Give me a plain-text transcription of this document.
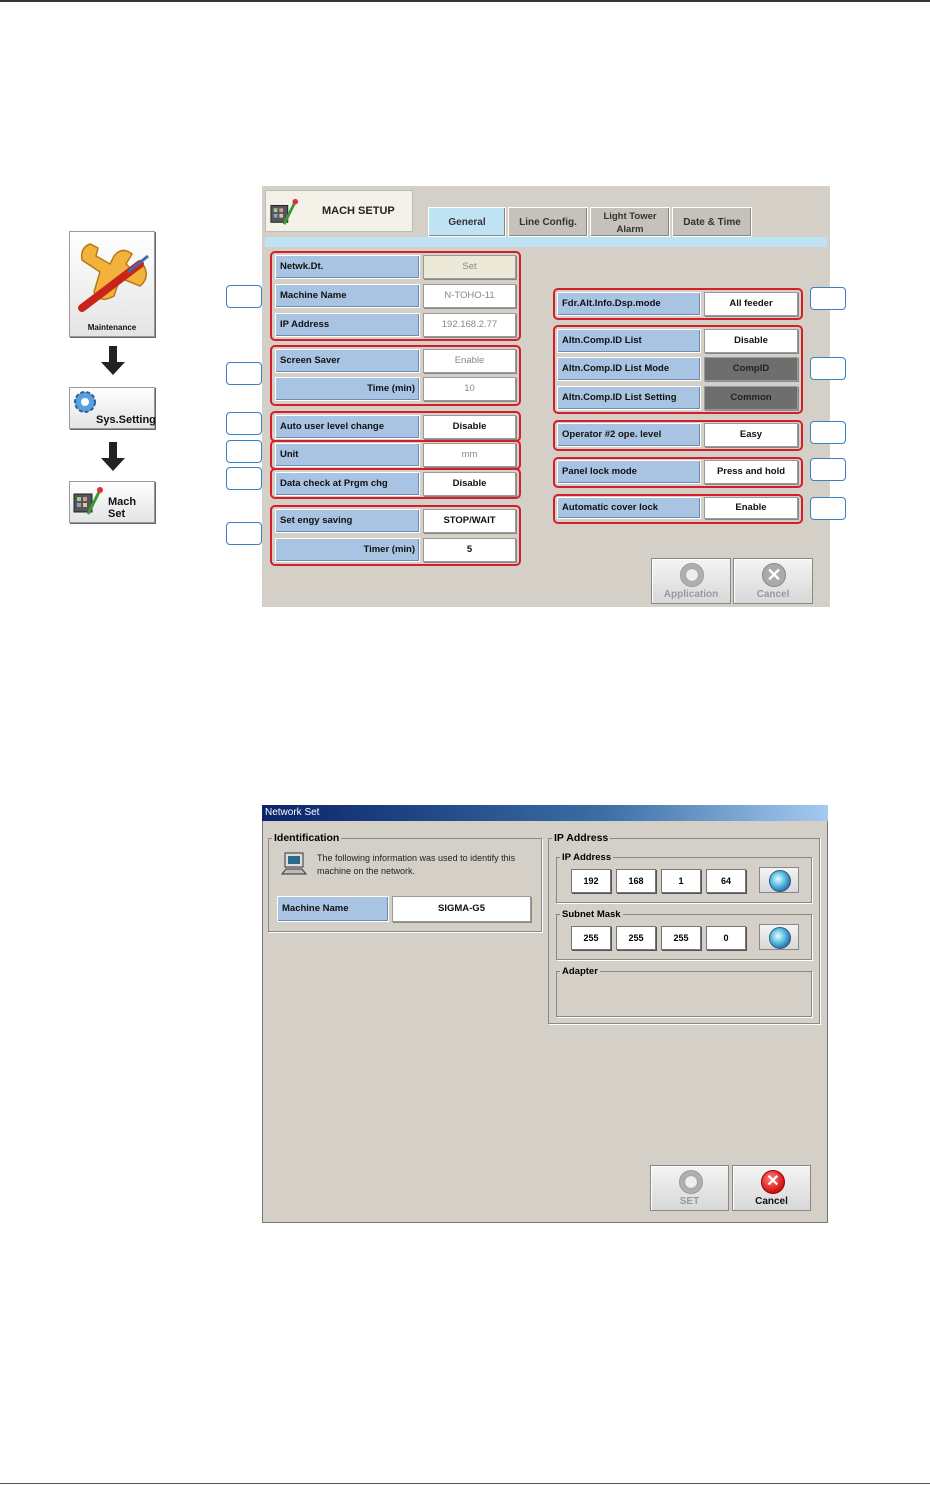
Maintenance
Sys.Setting
Mach Set
MACH SETUP
General	Line Config.
Light Tower
Alarm
Date & Time
Netwk.Dt.	Set
Machine Name	N-TOHO-11
IP Address	192.168.2.77
Screen Saver	Enable
Time (min)	10
Auto user level change	Disable
Unit	mm
Data check at Prgm chg	Disable
Set engy saving	STOP/WAIT
Timer (min)	5
Fdr.Alt.Info.Dsp.mode	All feeder
Altn.Comp.ID List	Disable
Altn.Comp.ID List Mode	CompID
Altn.Comp.ID List Setting	Common
Operator #2 ope. level	Easy
Panel lock mode	Press and hold
Automatic cover lock	Enable
Application
✕
Cancel
Network Set
Identification
The following information was used to identify this machine on the network.
Machine Name	SIGMA-G5
IP Address
IP Address
192	168	1	64
Subnet Mask
255	255	255	0
Adapter
SET
✕
Cancel
